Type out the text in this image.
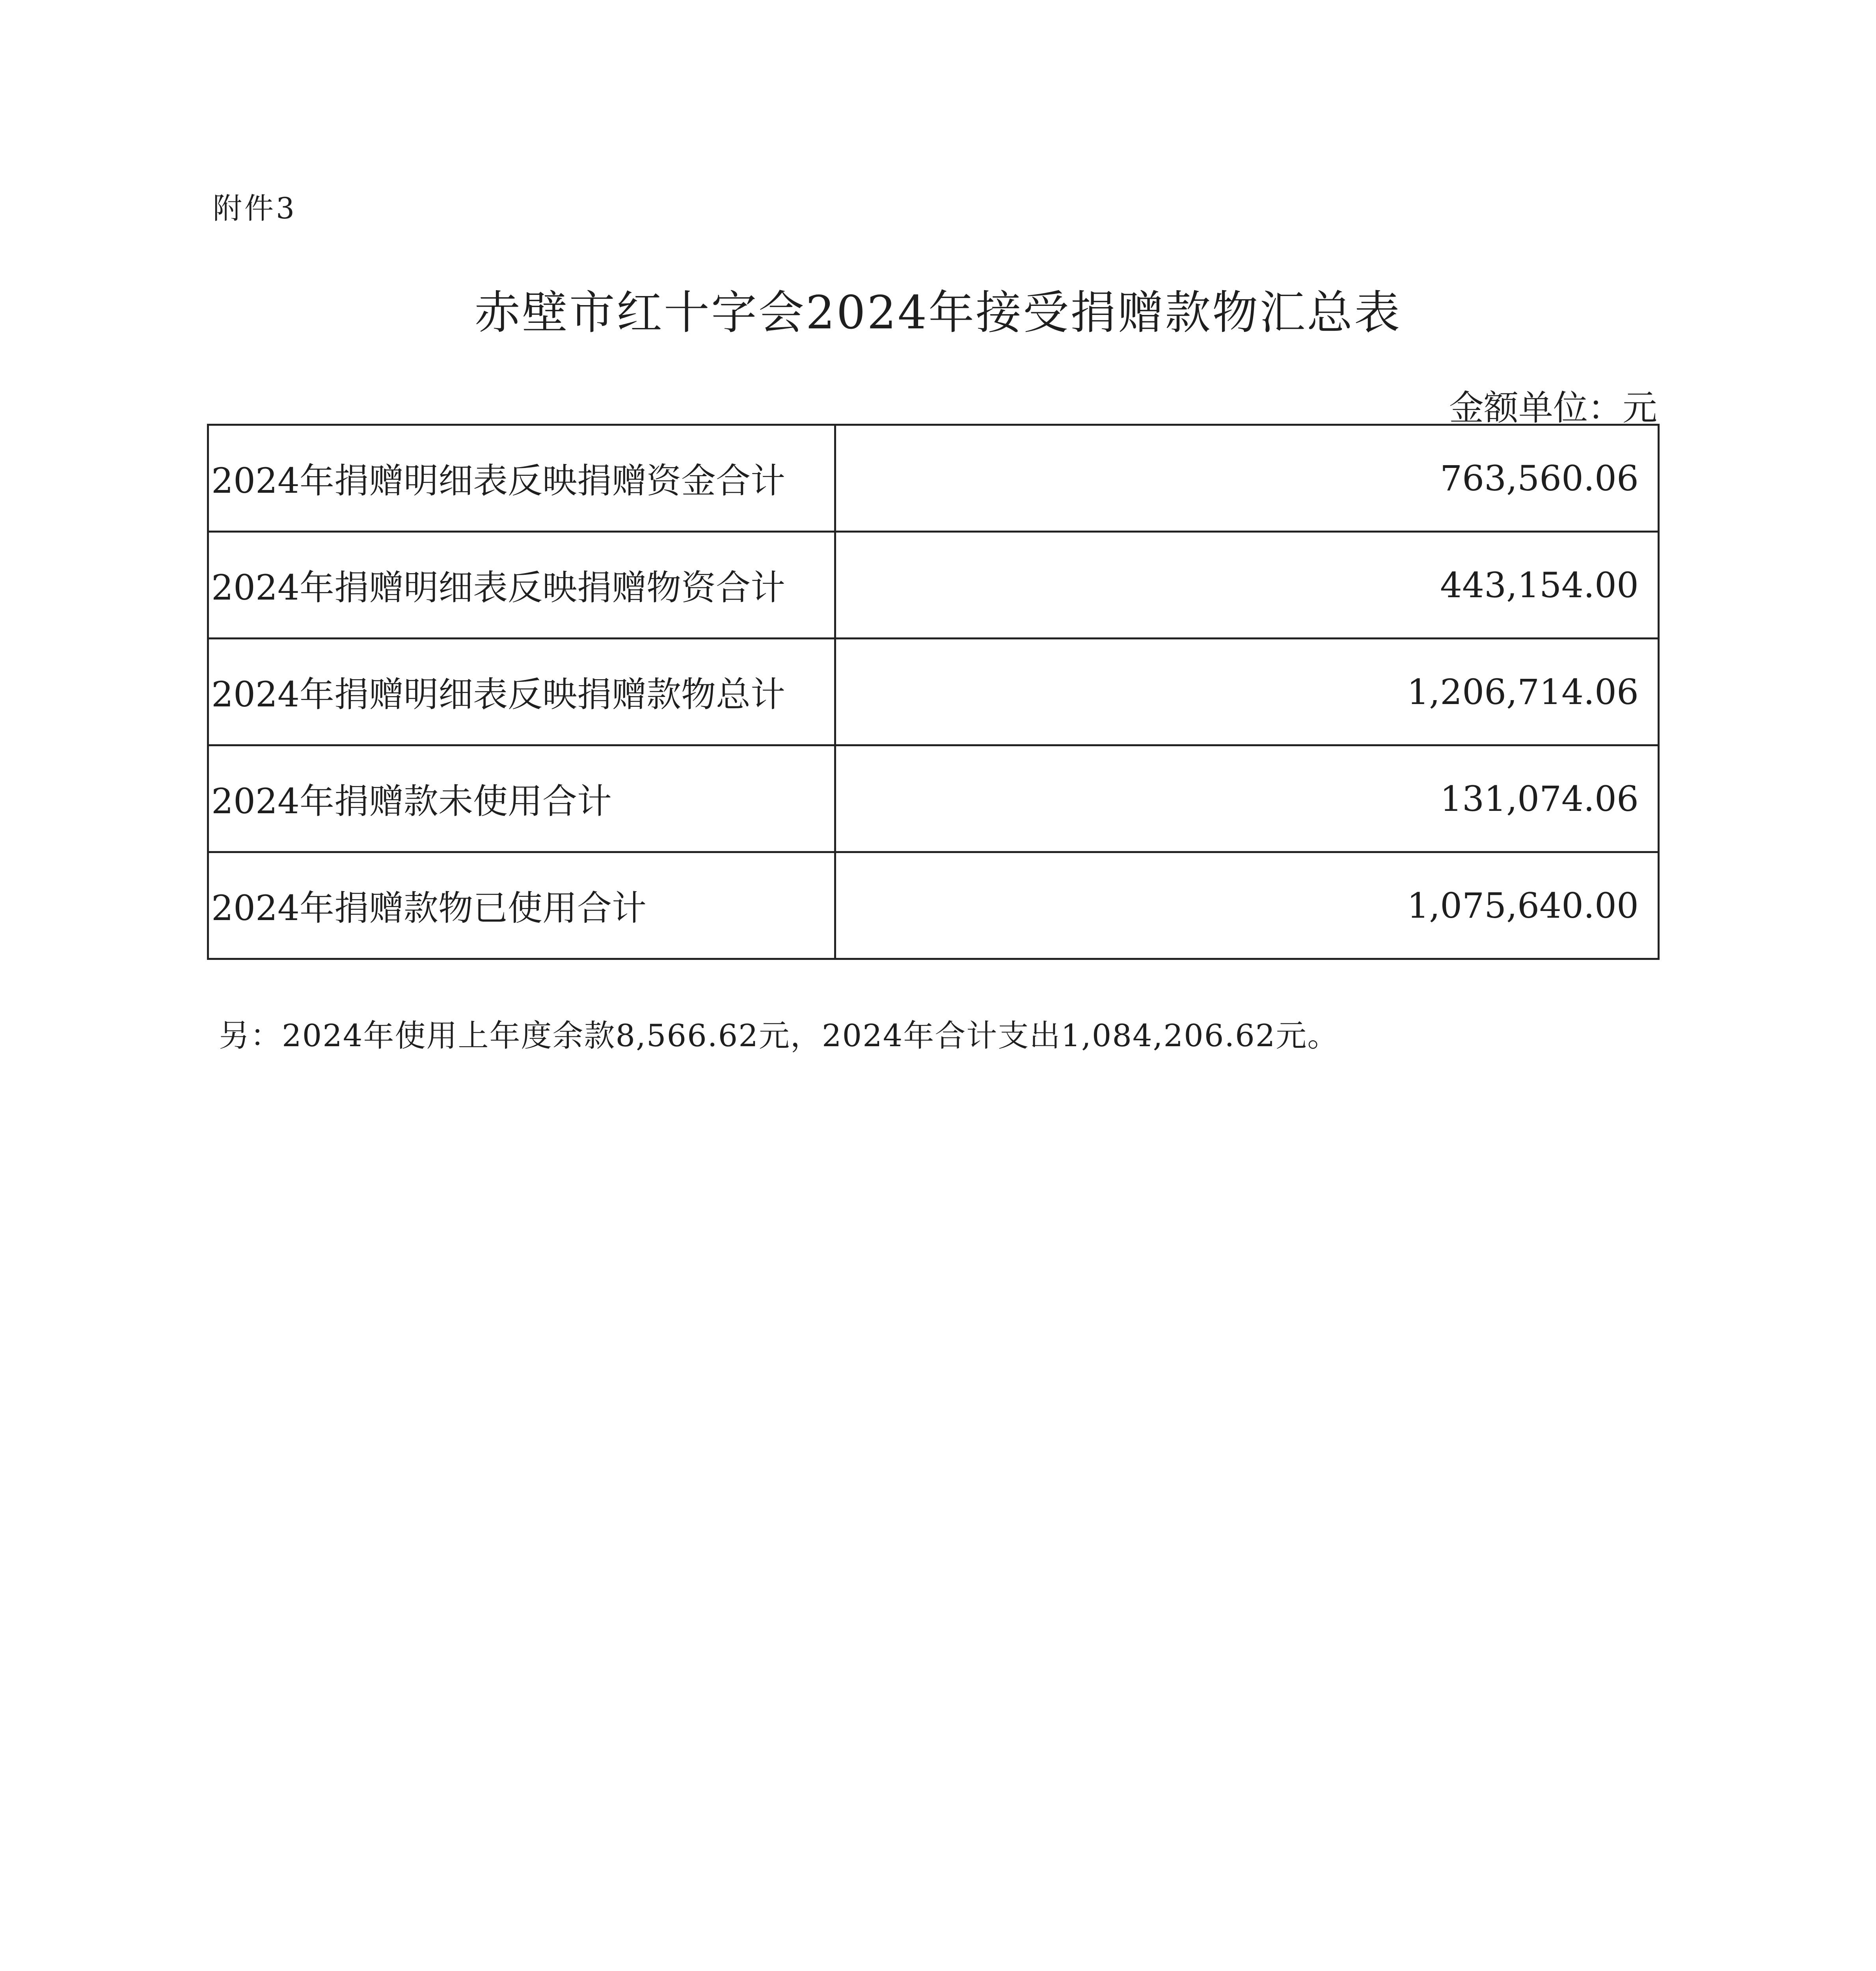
附件3
赤壁市红十字会2024年接受捐赠款物汇总表
金额单位：元
2024年捐赠明细表反映捐赠资金合计	763,560.06
2024年捐赠明细表反映捐赠物资合计	443,154.00
2024年捐赠明细表反映捐赠款物总计	1,206,714.06
2024年捐赠款未使用合计	131,074.06
2024年捐赠款物已使用合计	1,075,640.00
另：2024年使用上年度余款8,566.62元，2024年合计支出1,084,206.62元。
